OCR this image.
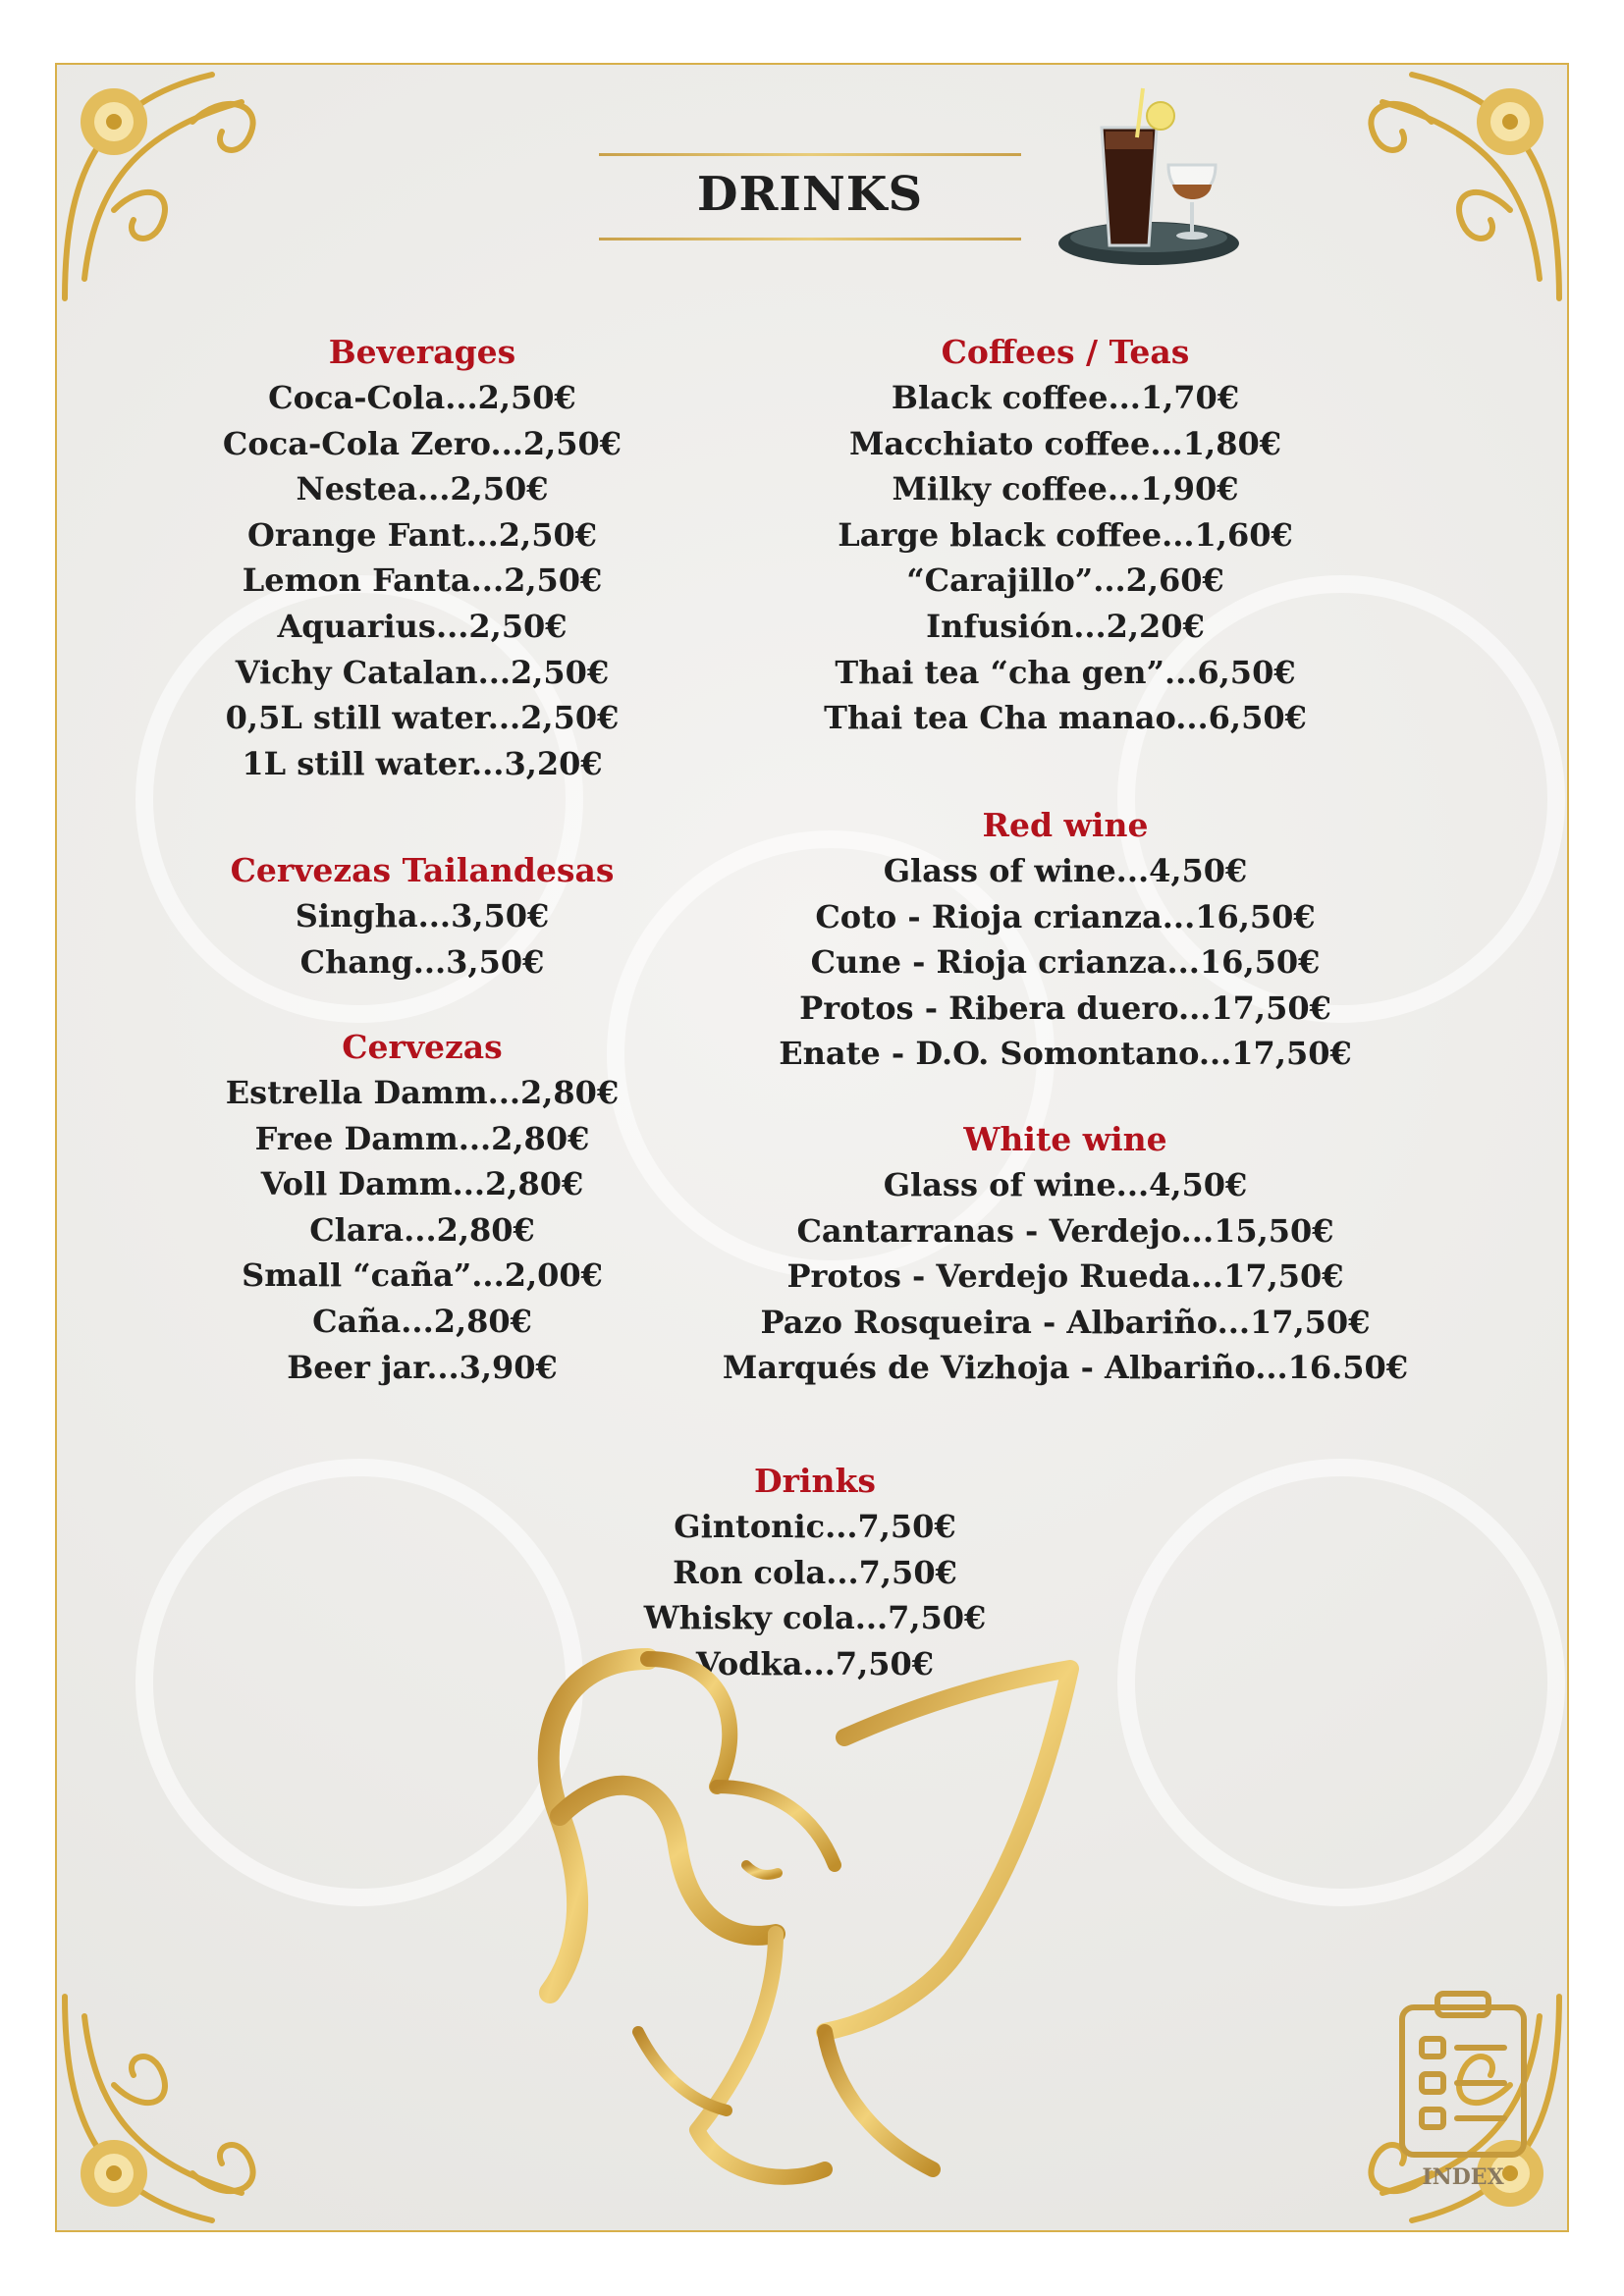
DRINKS
Beverages
Coca-Cola...2,50€
Coca-Cola Zero...2,50€
Nestea...2,50€
Orange Fant...2,50€
Lemon Fanta...2,50€
Aquarius...2,50€
Vichy Catalan...2,50€
0,5L still water...2,50€
1L still water...3,20€
Cervezas Tailandesas
Singha...3,50€
Chang...3,50€
Cervezas
Estrella Damm...2,80€
Free Damm...2,80€
Voll Damm...2,80€
Clara...2,80€
Small “caña”...2,00€
Caña...2,80€
Beer jar...3,90€
Coffees / Teas
Black coffee...1,70€
Macchiato coffee...1,80€
Milky coffee...1,90€
Large black coffee...1,60€
“Carajillo”...2,60€
Infusión...2,20€
Thai tea “cha gen”...6,50€
Thai tea Cha manao...6,50€
Red wine
Glass of wine...4,50€
Coto - Rioja crianza...16,50€
Cune - Rioja crianza...16,50€
Protos - Ribera duero...17,50€
Enate - D.O. Somontano...17,50€
White wine
Glass of wine...4,50€
Cantarranas - Verdejo...15,50€
Protos - Verdejo Rueda...17,50€
Pazo Rosqueira - Albariño...17,50€
Marqués de Vizhoja - Albariño...16.50€
Drinks
Gintonic...7,50€
Ron cola...7,50€
Whisky cola...7,50€
Vodka...7,50€
INDEX
